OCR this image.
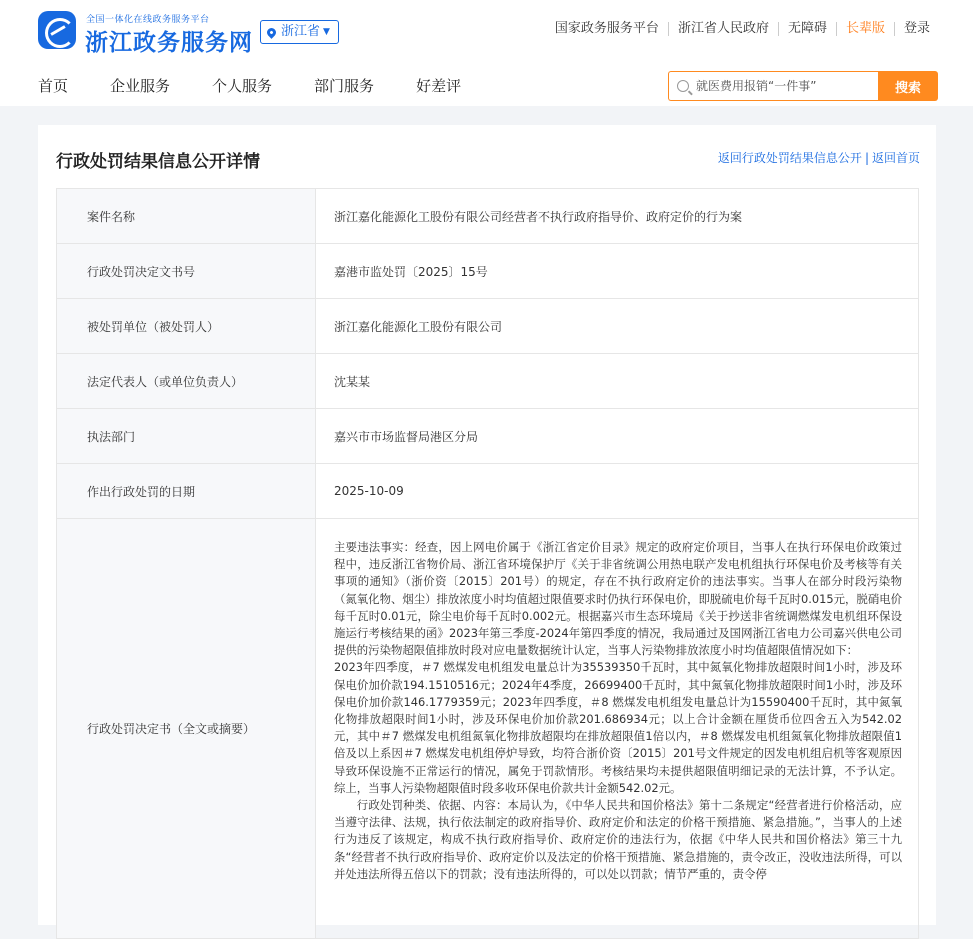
全国一体化在线政务服务平台
浙江政务服务网 浙江省 ▼	国家政务服务平台	浙江省人民政府	无障碍	长辈版	登录
首页	企业服务	个人服务	部门服务	好差评
就医费用报销“一件事”	搜索
行政处罚结果信息公开详情	返回行政处罚结果信息公开 | 返回首页
案件名称	浙江嘉化能源化工股份有限公司经营者不执行政府指导价、政府定价的行为案
行政处罚决定文书号	嘉港市监处罚〔2025〕15号
被处罚单位（被处罚人）	浙江嘉化能源化工股份有限公司
法定代表人（或单位负责人）	沈某某
执法部门	嘉兴市市场监督局港区分局
作出行政处罚的日期	2025-10-09
行政处罚决定书（全文或摘要）

主要违法事实：经查，因上网电价属于《浙江省定价目录》规定的政府定价项目，当事人在执行环保电价政策过程中，违反浙江省物价局、浙江省环境保护厅《关于非省统调公用热电联产发电机组执行环保电价及考核等有关事项的通知》（浙价资〔2015〕201号）的规定，存在不执行政府定价的违法事实。当事人在部分时段污染物（氮氧化物、烟尘）排放浓度小时均值超过限值要求时仍执行环保电价，即脱硫电价每千瓦时0.015元，脱硝电价每千瓦时0.01元，除尘电价每千瓦时0.002元。根据嘉兴市生态环境局《关于抄送非省统调燃煤发电机组环保设施运行考核结果的函》2023年第三季度-2024年第四季度的情况，我局通过及国网浙江省电力公司嘉兴供电公司提供的污染物超限值排放时段对应电量数据统计认定，当事人污染物排放浓度小时均值超限值情况如下：

2023年四季度，＃7 燃煤发电机组发电量总计为35539350千瓦时，其中氮氧化物排放超限时间1小时，涉及环保电价加价款194.1510516元；2024年4季度，26699400千瓦时，其中氮氧化物排放超限时间1小时，涉及环保电价加价款146.1779359元；2023年四季度，＃8 燃煤发电机组发电量总计为15590400千瓦时，其中氮氧化物排放超限时间1小时，涉及环保电价加价款201.686934元；以上合计金额在厘货币位四舍五入为542.02元，其中＃7 燃煤发电机组氮氧化物排放超限均在排放超限值1倍以内，＃8 燃煤发电机组氮氧化物排放超限值1倍及以上系因＃7 燃煤发电机组停炉导致，均符合浙价资〔2015〕201号文件规定的因发电机组启机等客观原因导致环保设施不正常运行的情况，属免于罚款情形。考核结果均未提供超限值明细记录的无法计算，不予认定。综上，当事人污染物超限值时段多收环保电价款共计金额542.02元。

行政处罚种类、依据、内容：本局认为，《中华人民共和国价格法》第十二条规定“经营者进行价格活动，应当遵守法律、法规，执行依法制定的政府指导价、政府定价和法定的价格干预措施、紧急措施。”，当事人的上述行为违反了该规定，构成不执行政府指导价、政府定价的违法行为，依据《中华人民共和国价格法》第三十九条“经营者不执行政府指导价、政府定价以及法定的价格干预措施、紧急措施的，责令改正，没收违法所得，可以并处违法所得五倍以下的罚款；没有违法所得的，可以处以罚款；情节严重的，责令停
